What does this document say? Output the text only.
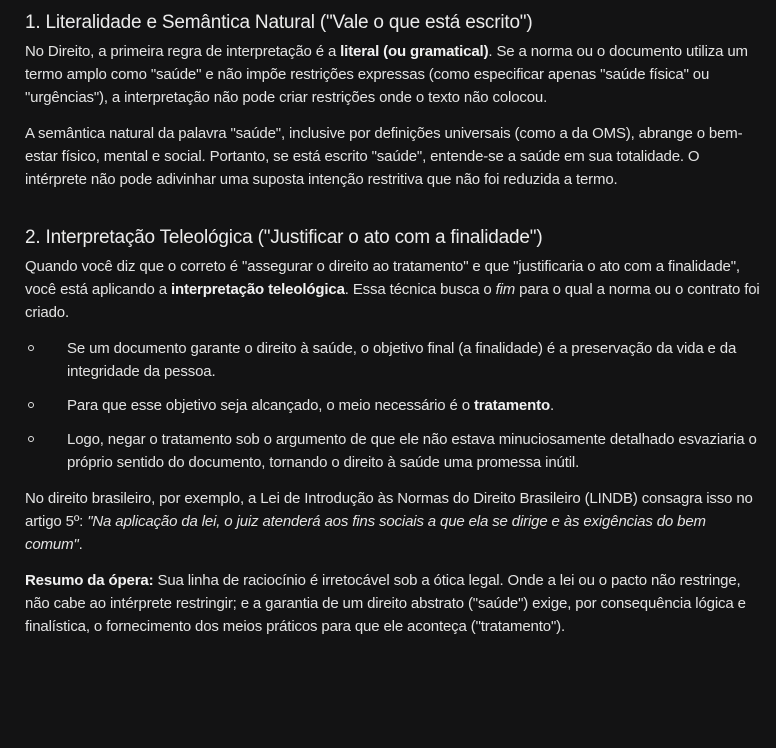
1. Literalidade e Semântica Natural ("Vale o que está escrito")

No Direito, a primeira regra de interpretação é a literal (ou gramatical). Se a norma ou o documento utiliza um termo amplo como "saúde" e não impõe restrições expressas (como especificar apenas "saúde física" ou "urgências"), a interpretação não pode criar restrições onde o texto não colocou.

A semântica natural da palavra "saúde", inclusive por definições universais (como a da OMS), abrange o bem-estar físico, mental e social. Portanto, se está escrito "saúde", entende-se a saúde em sua totalidade. O intérprete não pode adivinhar uma suposta intenção restritiva que não foi reduzida a termo.

2. Interpretação Teleológica ("Justificar o ato com a finalidade")

Quando você diz que o correto é "assegurar o direito ao tratamento" e que "justificaria o ato com a finalidade", você está aplicando a interpretação teleológica. Essa técnica busca o fim para o qual a norma ou o contrato foi criado.

Se um documento garante o direito à saúde, o objetivo final (a finalidade) é a preservação da vida e da integridade da pessoa.
Para que esse objetivo seja alcançado, o meio necessário é o tratamento.
Logo, negar o tratamento sob o argumento de que ele não estava minuciosamente detalhado esvaziaria o próprio sentido do documento, tornando o direito à saúde uma promessa inútil.

No direito brasileiro, por exemplo, a Lei de Introdução às Normas do Direito Brasileiro (LINDB) consagra isso no artigo 5º: "Na aplicação da lei, o juiz atenderá aos fins sociais a que ela se dirige e às exigências do bem comum".

Resumo da ópera: Sua linha de raciocínio é irretocável sob a ótica legal. Onde a lei ou o pacto não restringe, não cabe ao intérprete restringir; e a garantia de um direito abstrato ("saúde") exige, por consequência lógica e finalística, o fornecimento dos meios práticos para que ele aconteça ("tratamento").
